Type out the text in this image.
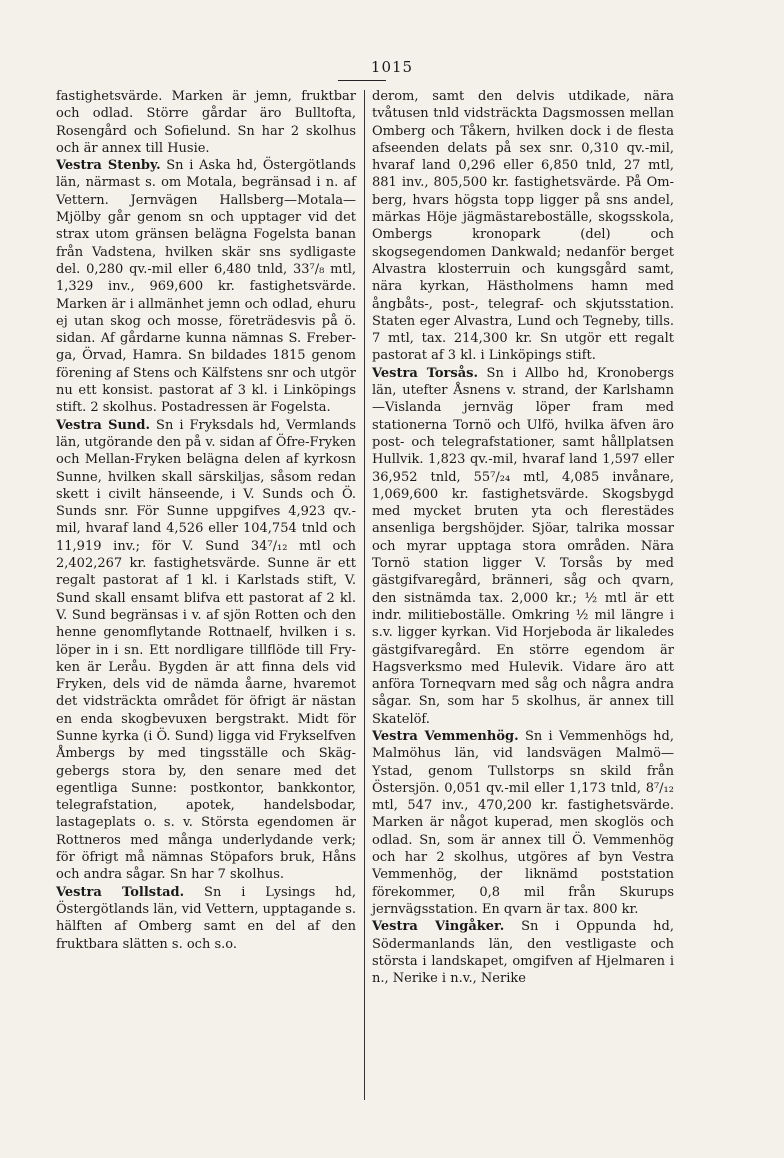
1015

fastighetsvärde. Marken är jemn, fruktbar och odlad. Större gårdar äro Bulltofta, Rosengård och Sofielund. Sn har 2 skolhus och är annex till Husie.

Vestra Stenby. Sn i Aska hd, Östergötlands län, närmast s. om Motala, begränsad i n. af Vettern. Jernvägen Hallsberg—Motala—Mjölby går genom sn och upptager vid det strax utom gränsen belägna Fogelsta banan från Vadstena, hvilken skär sns sydligaste del. 0,280 qv.-mil eller 6,480 tnld, 33⁷/₈ mtl, 1,329 inv., 969,600 kr. fastighetsvärde. Marken är i allmänhet jemn och odlad, ehuru ej utan skog och mosse, företrädesvis på ö. sidan. Af gårdarne kunna nämnas S. Freberga, Örvad, Hamra. Sn bildades 1815 genom förening af Stens och Kälfstens snr och utgör nu ett konsist. pastorat af 3 kl. i Linköpings stift. 2 skolhus. Postadressen är Fogelsta.

Vestra Sund. Sn i Fryksdals hd, Vermlands län, utgörande den på v. sidan af Öfre-Fryken och Mellan-Fryken belägna delen af kyrkosn Sunne, hvilken skall särskiljas, såsom redan skett i civilt hänseende, i V. Sunds och Ö. Sunds snr. För Sunne uppgifves 4,923 qv.-mil, hvaraf land 4,526 eller 104,754 tnld och 11,919 inv.; för V. Sund 34⁷/₁₂ mtl och 2,402,267 kr. fastighetsvärde. Sunne är ett regalt pastorat af 1 kl. i Karlstads stift, V. Sund skall ensamt blifva ett pastorat af 2 kl. V. Sund begränsas i v. af sjön Rotten och den henne genomflytande Rottnaelf, hvilken i s. löper in i sn. Ett nordligare tillflöde till Fryken är Leråu. Bygden är att finna dels vid Fryken, dels vid de nämda åarne, hvaremot det vidsträckta området för öfrigt är nästan en enda skogbevuxen bergstrakt. Midt för Sunne kyrka (i Ö. Sund) ligga vid Frykselfven Åmbergs by med tingsställe och Skäggebergs stora by, den senare med det egentliga Sunne: postkontor, bankkontor, telegrafstation, apotek, handelsbodar, lastageplats o. s. v. Största egendomen är Rottneros med många underlydande verk; för öfrigt må nämnas Stöpafors bruk, Håns och andra sågar. Sn har 7 skolhus.

Vestra Tollstad. Sn i Lysings hd, Östergötlands län, vid Vettern, upptagande s. hälften af Omberg samt en del af den fruktbara slätten s. och s.o.

derom, samt den delvis utdikade, nära tvåtusen tnld vidsträckta Dagsmossen mellan Omberg och Tåkern, hvilken dock i de flesta afseenden delats på sex snr. 0,310 qv.-mil, hvaraf land 0,296 eller 6,850 tnld, 27 mtl, 881 inv., 805,500 kr. fastighetsvärde. På Omberg, hvars högsta topp ligger på sns andel, märkas Höje jägmästareboställe, skogsskola, Ombergs kronopark (del) och skogsegendomen Dankwald; nedanför berget Alvastra klosterruin och kungsgård samt, nära kyrkan, Hästholmens hamn med ångbåts-, post-, telegraf- och skjutsstation. Staten eger Alvastra, Lund och Tegneby, tills. 7 mtl, tax. 214,300 kr. Sn utgör ett regalt pastorat af 3 kl. i Linköpings stift.

Vestra Torsås. Sn i Allbo hd, Kronobergs län, utefter Åsnens v. strand, der Karlshamn—Vislanda jernväg löper fram med stationerna Tornö och Ulfö, hvilka äfven äro post- och telegrafstationer, samt hållplatsen Hullvik. 1,823 qv.-mil, hvaraf land 1,597 eller 36,952 tnld, 55⁷/₂₄ mtl, 4,085 invånare, 1,069,600 kr. fastighetsvärde. Skogsbygd med mycket bruten yta och flerestädes ansenliga bergshöjder. Sjöar, talrika mossar och myrar upptaga stora områden. Nära Tornö station ligger V. Torsås by med gästgifvaregård, bränneri, såg och qvarn, den sistnämda tax. 2,000 kr.; ½ mtl är ett indr. militieboställe. Omkring ½ mil längre i s.v. ligger kyrkan. Vid Horjeboda är likaledes gästgifvaregård. En större egendom är Hagsverksmo med Hulevik. Vidare äro att anföra Torneqvarn med såg och några andra sågar. Sn, som har 5 skolhus, är annex till Skatelöf.

Vestra Vemmenhög. Sn i Vemmenhögs hd, Malmöhus län, vid landsvägen Malmö—Ystad, genom Tullstorps sn skild från Östersjön. 0,051 qv.-mil eller 1,173 tnld, 8⁷/₁₂ mtl, 547 inv., 470,200 kr. fastighetsvärde. Marken är något kuperad, men skoglös och odlad. Sn, som är annex till Ö. Vemmenhög och har 2 skolhus, utgöres af byn Vestra Vemmenhög, der liknämd poststation förekommer, 0,8 mil från Skurups jernvägsstation. En qvarn är tax. 800 kr.

Vestra Vingåker. Sn i Oppunda hd, Södermanlands län, den vestligaste och största i landskapet, omgifven af Hjelmaren i n., Nerike i n.v., Nerike
